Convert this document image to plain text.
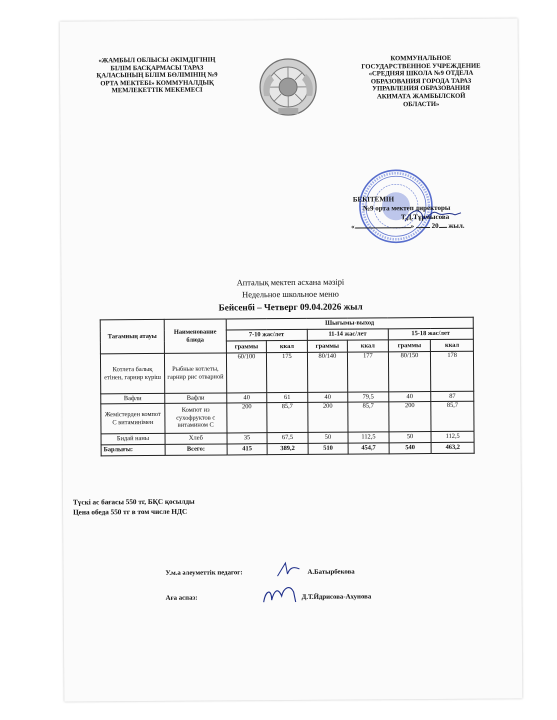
«ЖАМБЫЛ ОБЛЫСЫ ӘКІМДІГІНІҢ
БІЛІМ БАСҚАРМАСЫ ТАРАЗ
ҚАЛАСЫНЫҢ БІЛІМ БӨЛІМІНІҢ №9
ОРТА МЕКТЕБІ» КОММУНАЛДЫҚ
МЕМЛЕКЕТТІК МЕКЕМЕСІ
КОММУНАЛЬНОЕ
ГОСУДАРСТВЕННОЕ УЧРЕЖДЕНИЕ
«СРЕДНЯЯ ШКОЛА №9 ОТДЕЛА
ОБРАЗОВАНИЯ ГОРОДА ТАРАЗ
УПРАВЛЕНИЯ ОБРАЗОВАНИЯ
АКИМАТА ЖАМБЫЛСКОЙ
ОБЛАСТИ»
БЕКІТЕМІН
№9 орта мектеп директоры
Т.Д.Тұрмысова
«	» 20 жыл.
Апталық мектеп асхана мәзірі
Недельное школьное меню
Бейсенбі – Четверг 09.04.2026 жыл
Тағамның атауы	Наименование блюда	Шығымы-выход					
		7-10 жас/лет		11-14 жас/лет		15-18 жас/лет	
		граммы	ккал	граммы	ккал	граммы	ккал
Котлета балық етінен, гарнир күріш	Рыбные котлеты, гарнир рис отварной	60/100	175	80/140	177	80/150	178
Вафли	Вафли	40	61	40	79,5	40	87
Жемістерден компот С витаминімен	Компот из сухофруктов с витамином С	200	85,7	200	85,7	200	85,7
Бидай наны	Хлеб	35	67,5	50	112,5	50	112,5
Барлығы:	Всего:	415	389,2	510	454,7	540	463,2
Түскі ас бағасы 550 тг, БҚС қосылды
Цена обеда 550 тг в том числе НДС
У.м.а әлеуметтік педагог:	А.Батырбекова
Аға аспаз:	Д.Т.Йдрисова-Ахунова
